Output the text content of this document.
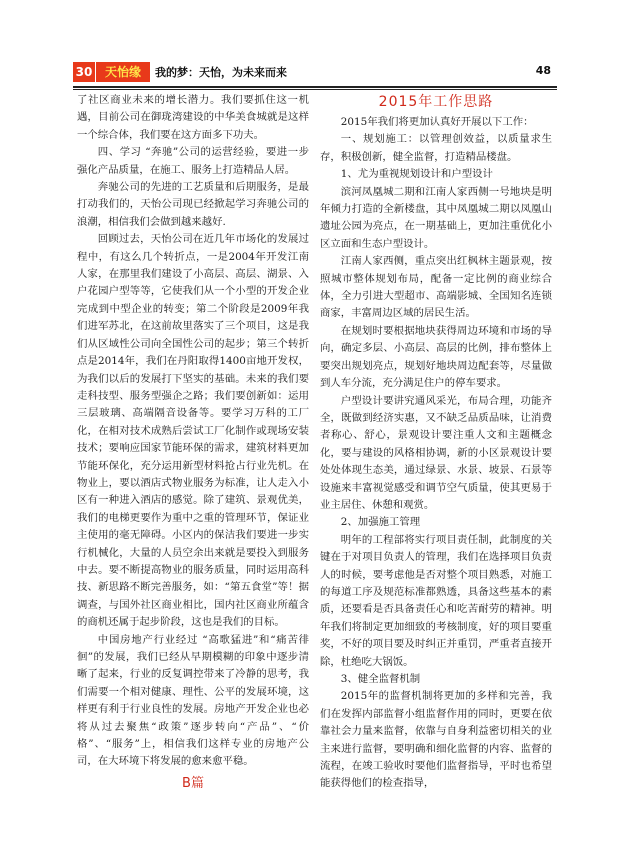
30	天怡缘	我的梦：天怡，为未来而来	48

了社区商业未来的增长潜力。我们要抓住这一机遇，目前公司在御珑湾建设的中华美食城就是这样一个综合体，我们要在这方面多下功夫。

四、学习 “奔驰”公司的运营经验，要进一步强化产品质量，在施工、服务上打造精品人居。

奔驰公司的先进的工艺质量和后期服务，是最打动我们的，天怡公司现已经掀起学习奔驰公司的浪潮，相信我们会做到越来越好.

回顾过去，天怡公司在近几年市场化的发展过程中，有这么几个转折点，一是2004年开发江南人家，在那里我们建设了小高层、高层、湖景、入户花园户型等等，它使我们从一个小型的开发企业完成到中型企业的转变；第二个阶段是2009年我们进军苏北，在这前故里落实了三个项目，这是我们从区域性公司向全国性公司的起步；第三个转折点是2014年，我们在丹阳取得1400亩地开发权，为我们以后的发展打下坚实的基础。未来的我们要走科技型、服务型强企之路；我们要创新如：运用三层玻璃、高端隔音设备等。要学习万科的工厂化，在相对技术成熟后尝试工厂化制作或现场安装技术；要响应国家节能环保的需求，建筑材料更加节能环保化，充分运用新型材料抢占行业先机。在物业上，要以酒店式物业服务为标准，让人走入小区有一种进入酒店的感觉。除了建筑、景观优美，我们的电梯更要作为重中之重的管理环节，保证业主使用的毫无障碍。小区内的保洁我们要进一步实行机械化，大量的人员空余出来就是要投入到服务中去。要不断提高物业的服务质量，同时运用高科技、新思路不断完善服务，如：“第五食堂”等！据调查，与国外社区商业相比，国内社区商业所蕴含的商机还属于起步阶段，这也是我们的目标。

中国房地产行业经过 “高歌猛进”和“痛苦徘徊”的发展，我们已经从早期模糊的印象中逐步清晰了起来，行业的反复调控带来了冷静的思考，我们需要一个相对健康、理性、公平的发展环境，这样更有利于行业良性的发展。房地产开发企业也必将从过去聚焦“政策”逐步转向“产品”、“价格”、“服务”上，相信我们这样专业的房地产公司，在大环境下将发展的愈来愈平稳。

B篇
2015年工作思路

2015年我们将更加认真好开展以下工作：

一、规划施工：以管理创效益，以质量求生存，积极创新，健全监督，打造精品楼盘。

1、尤为重视规划设计和户型设计

滨河凤凰城二期和江南人家西侧一号地块是明年倾力打造的全新楼盘，其中凤凰城二期以凤凰山遗址公园为亮点，在一期基础上，更加注重优化小区立面和生态户型设计。

江南人家西侧，重点突出红枫林主题景观，按照城市整体规划布局，配备一定比例的商业综合体，全力引进大型超市、高端影城、全国知名连锁商家，丰富周边区域的居民生活。

在规划时要根据地块获得周边环境和市场的导向，确定多层、小高层、高层的比例，排布整体上要突出规划亮点，规划好地块周边配套等，尽量做到人车分流，充分满足住户的停车要求。

户型设计要讲究通风采光，布局合理，功能齐全，既做到经济实惠，又不缺乏品质品味，让消费者称心、舒心，景观设计要注重人文和主题概念化，要与建设的风格相协调，新的小区景观设计要处处体现生态美，通过绿景、水景、坡景、石景等设施来丰富视觉感受和调节空气质量，使其更易于业主居住、休憩和观赏。

2、加强施工管理

明年的工程部将实行项目责任制，此制度的关键在于对项目负责人的管理，我们在选择项目负责人的时候，要考虑他是否对整个项目熟悉，对施工的每道工序及规范标准都熟透，具备这些基本的素质，还要看是否具备责任心和吃苦耐劳的精神。明年我们将制定更加细致的考核制度，好的项目要重奖，不好的项目要及时纠正并重罚，严重者直接开除，杜绝吃大锅饭。

3、健全监督机制

2015年的监督机制将更加的多样和完善，我们在发挥内部监督小组监督作用的同时，更要在依靠社会力量来监督，依靠与自身利益密切相关的业主来进行监督，要明确和细化监督的内容、监督的流程，在竣工验收时要他们监督指导，平时也希望能获得他们的检查指导，
